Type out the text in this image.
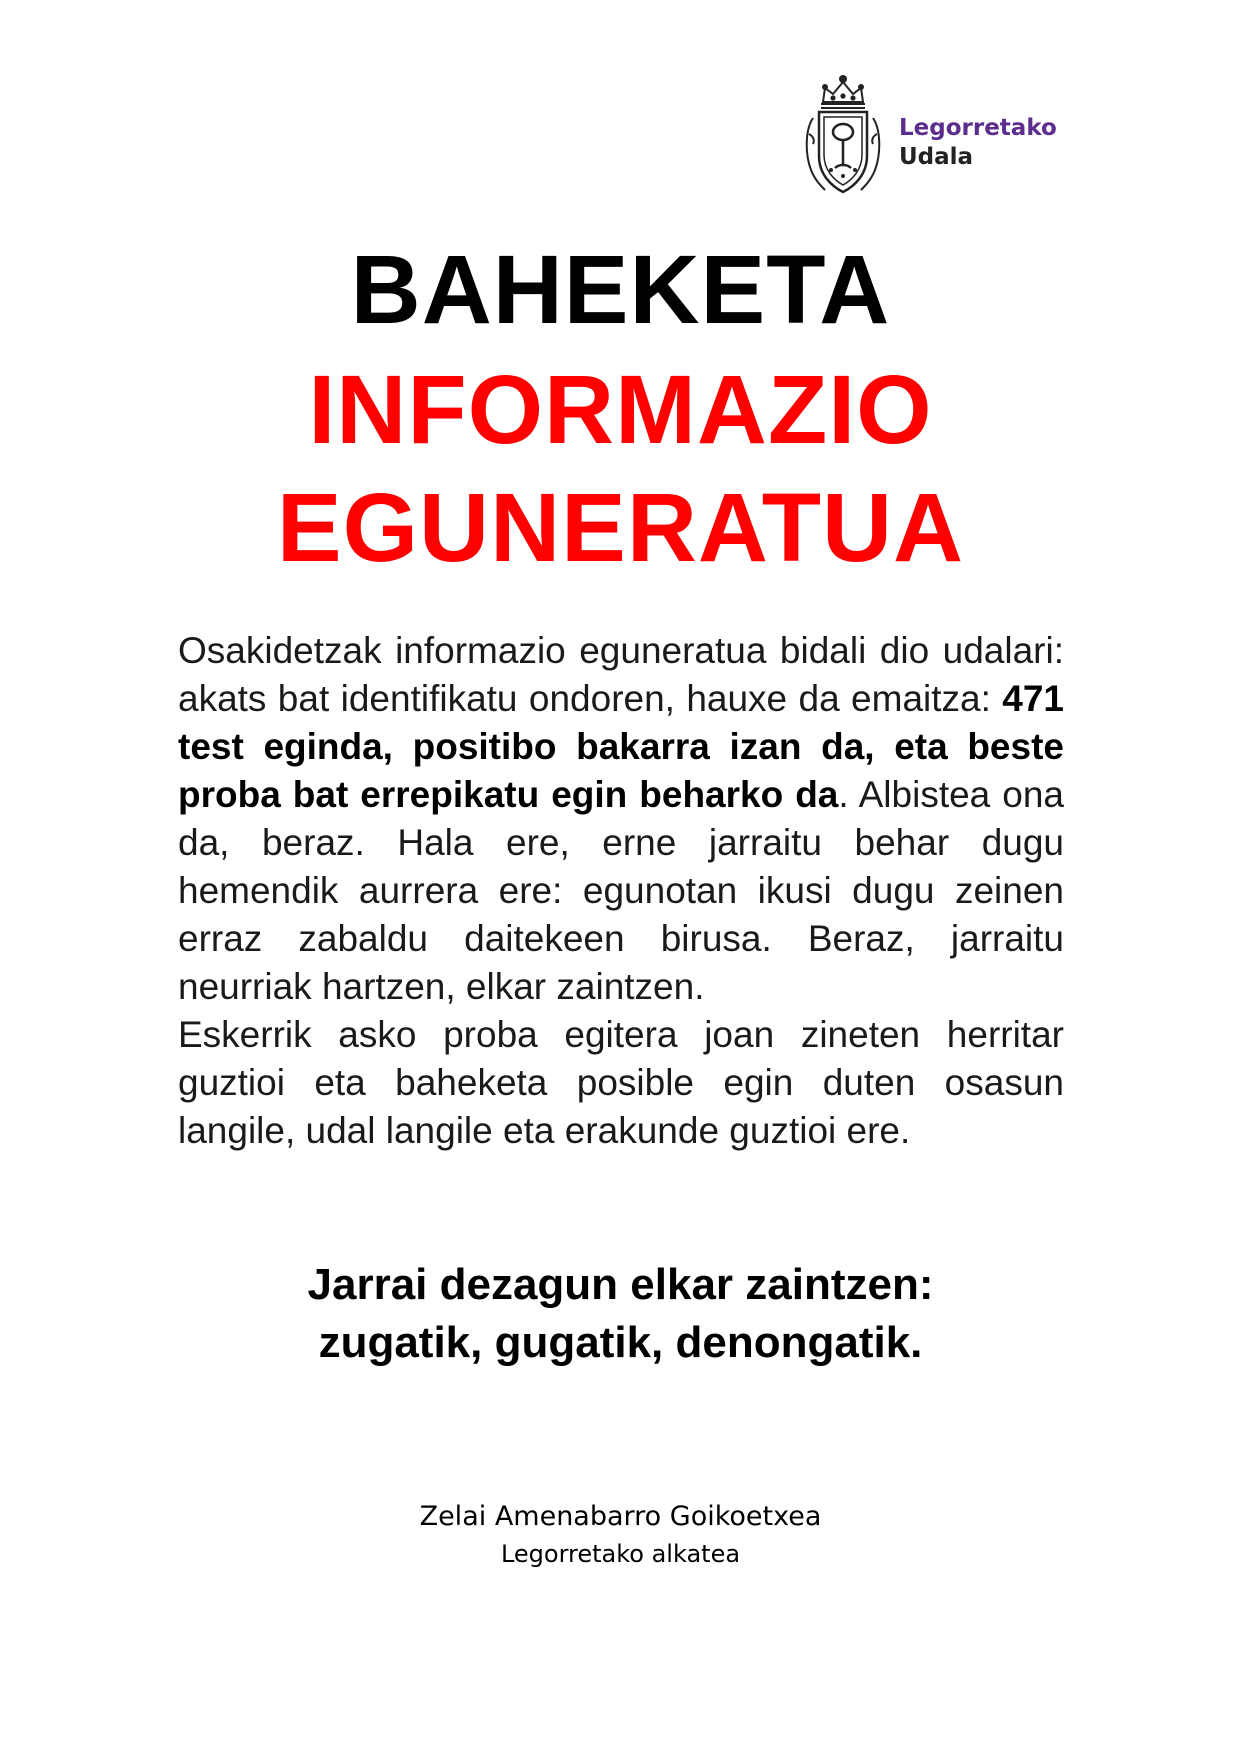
Legorretako
Udala
BAHEKETA
INFORMAZIO
EGUNERATUA

Osakidetzak informazio eguneratua bidali dio udalari: akats bat identifikatu ondoren, hauxe da emaitza: 471 test eginda, positibo bakarra izan da, eta beste proba bat errepikatu egin beharko da. Albistea ona da, beraz. Hala ere, erne jarraitu behar dugu hemendik aurrera ere: egunotan ikusi dugu zeinen erraz zabaldu daitekeen birusa. Beraz, jarraitu neurriak hartzen, elkar zaintzen.

Eskerrik asko proba egitera joan zineten herritar guztioi eta baheketa posible egin duten osasun langile, udal langile eta erakunde guztioi ere.

Jarrai dezagun elkar zaintzen:
zugatik, gugatik, denongatik.
Zelai Amenabarro Goikoetxea
Legorretako alkatea
